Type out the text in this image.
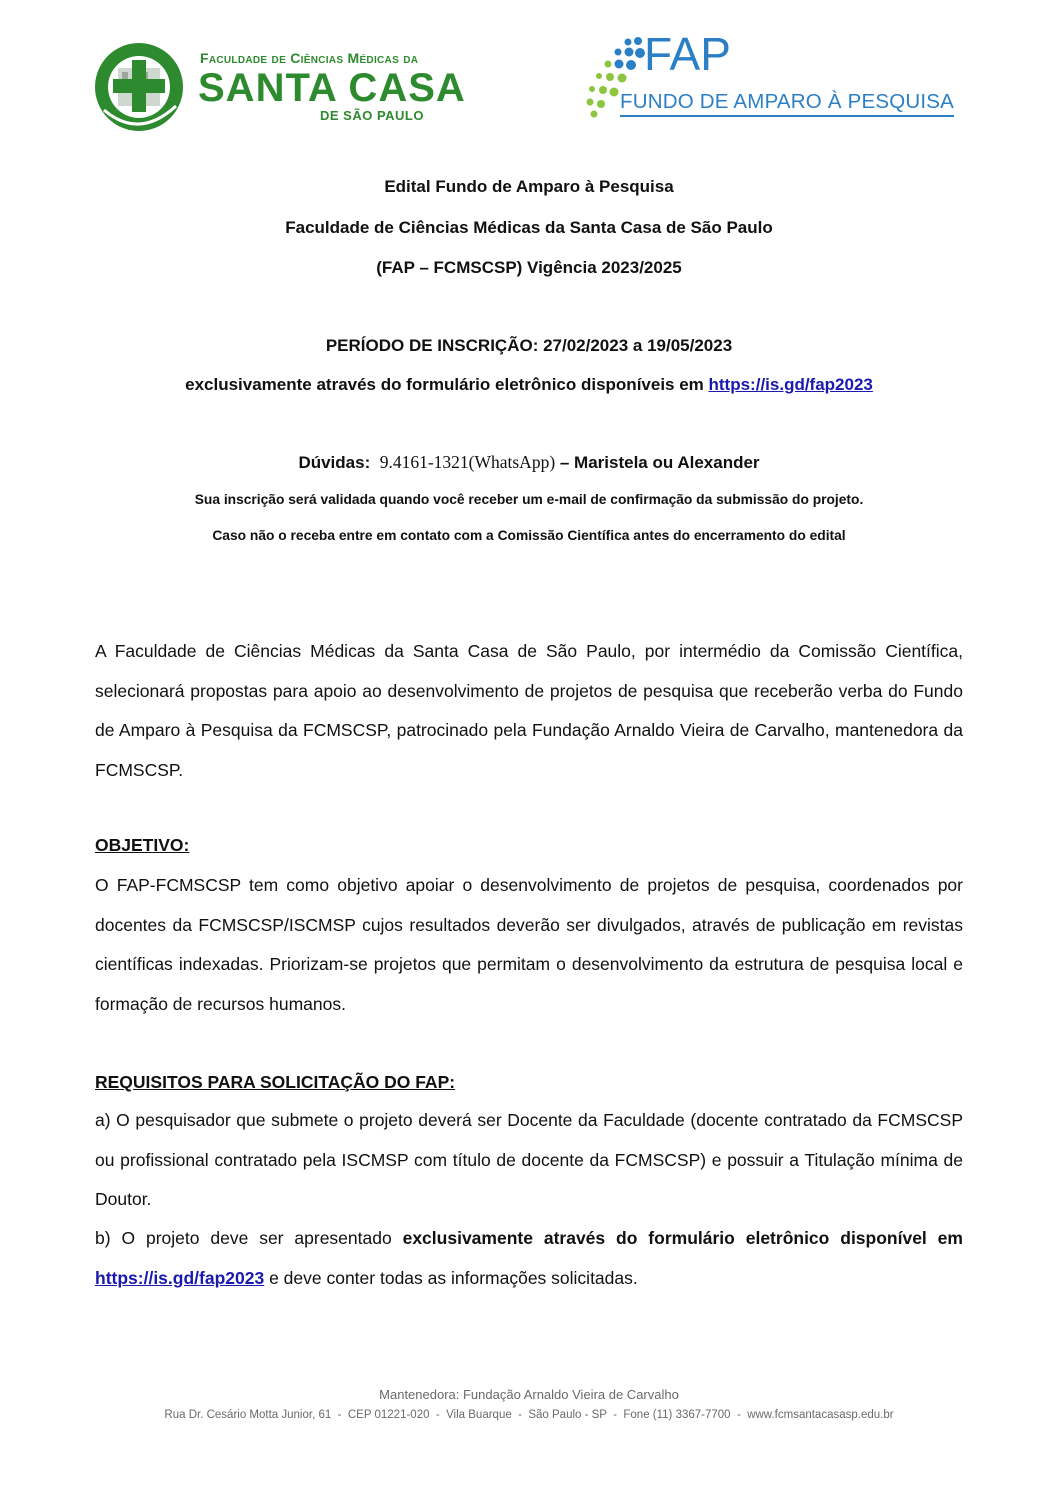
Faculdade de Ciências Médicas da
SANTA CASA
DE SÃO PAULO
FAP
FUNDO DE AMPARO À PESQUISA
Edital Fundo de Amparo à Pesquisa
Faculdade de Ciências Médicas da Santa Casa de São Paulo
(FAP – FCMSCSP) Vigência 2023/2025
PERÍODO DE INSCRIÇÃO: 27/02/2023 a 19/05/2023
exclusivamente através do formulário eletrônico disponíveis em https://is.gd/fap2023
Dúvidas: 9.4161-1321(WhatsApp) – Maristela ou Alexander
Sua inscrição será validada quando você receber um e-mail de confirmação da submissão do projeto.
Caso não o receba entre em contato com a Comissão Científica antes do encerramento do edital
A Faculdade de Ciências Médicas da Santa Casa de São Paulo, por intermédio da Comissão Científica, selecionará propostas para apoio ao desenvolvimento de projetos de pesquisa que receberão verba do Fundo de Amparo à Pesquisa da FCMSCSP, patrocinado pela Fundação Arnaldo Vieira de Carvalho, mantenedora da FCMSCSP.
OBJETIVO:
O FAP-FCMSCSP tem como objetivo apoiar o desenvolvimento de projetos de pesquisa, coordenados por docentes da FCMSCSP/ISCMSP cujos resultados deverão ser divulgados, através de publicação em revistas científicas indexadas. Priorizam-se projetos que permitam o desenvolvimento da estrutura de pesquisa local e formação de recursos humanos.
REQUISITOS PARA SOLICITAÇÃO DO FAP:
a) O pesquisador que submete o projeto deverá ser Docente da Faculdade (docente contratado da FCMSCSP ou profissional contratado pela ISCMSP com título de docente da FCMSCSP) e possuir a Titulação mínima de Doutor.
b) O projeto deve ser apresentado exclusivamente através do formulário eletrônico disponível em https://is.gd/fap2023 e deve conter todas as informações solicitadas.
Mantenedora: Fundação Arnaldo Vieira de Carvalho
Rua Dr. Cesário Motta Junior, 61  -  CEP 01221-020  -  Vila Buarque  -  São Paulo - SP  -  Fone (11) 3367-7700  -  www.fcmsantacasasp.edu.br
